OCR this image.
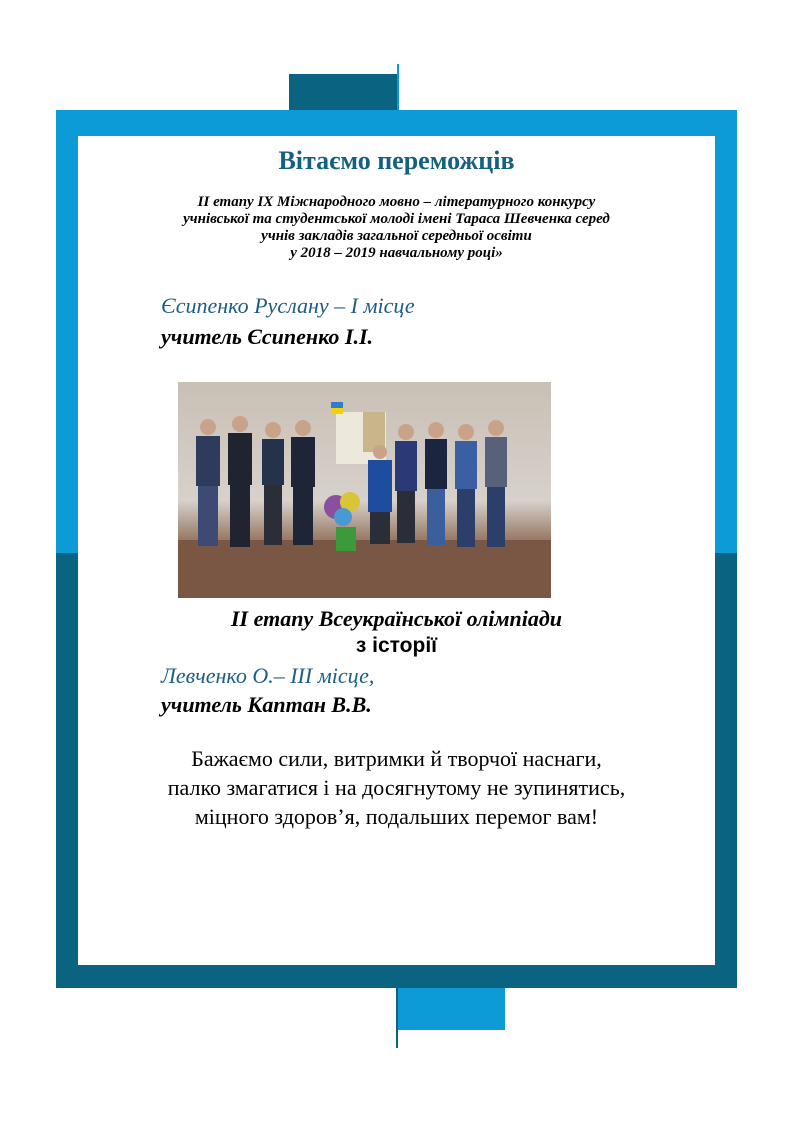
Вітаємо переможців
ІІ етапу ІХ Міжнародного мовно – літературного конкурсу
учнівської та студентської молоді імені Тараса Шевченка серед
учнів закладів загальної середньої освіти
у 2018 – 2019 навчальному році»
Єсипенко Руслану – І місце
учитель Єсипенко І.І.
ІІ етапу Всеукраїнської олімпіади
з історії
Левченко О.– ІІІ місце,
учитель Каптан В.В.
Бажаємо сили, витримки й творчої наснаги,
палко змагатися і на досягнутому не зупинятись,
міцного здоров’я, подальших перемог вам!
